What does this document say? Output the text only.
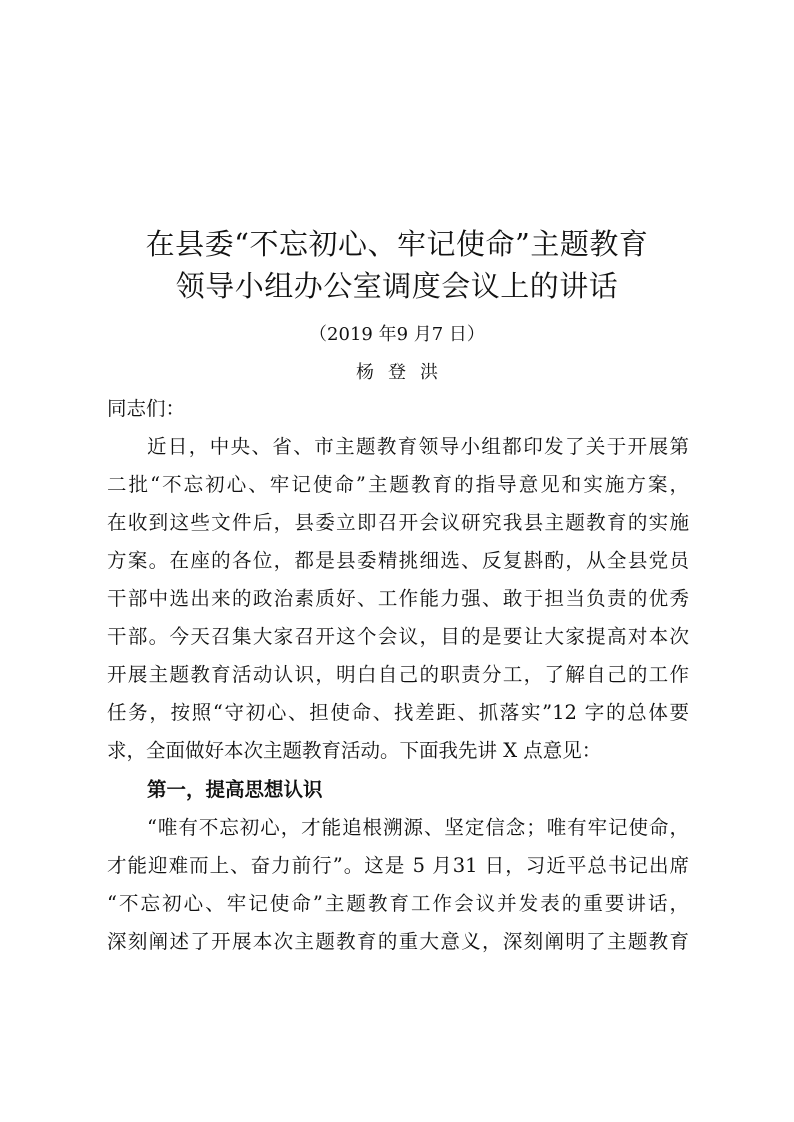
在县委“不忘初心、牢记使命”主题教育
领导小组办公室调度会议上的讲话
（2019 年9 月7 日）
杨登洪
同志们：
近日，中央、省、市主题教育领导小组都印发了关于开展第
二批“不忘初心、牢记使命”主题教育的指导意见和实施方案，
在收到这些文件后，县委立即召开会议研究我县主题教育的实施
方案。在座的各位，都是县委精挑细选、反复斟酌，从全县党员
干部中选出来的政治素质好、工作能力强、敢于担当负责的优秀
干部。今天召集大家召开这个会议，目的是要让大家提高对本次
开展主题教育活动认识，明白自己的职责分工，了解自己的工作
任务，按照“守初心、担使命、找差距、抓落实”12 字的总体要
求，全面做好本次主题教育活动。下面我先讲 X 点意见：
第一，提高思想认识
“唯有不忘初心，才能追根溯源、坚定信念；唯有牢记使命，
才能迎难而上、奋力前行”。这是 5 月31 日，习近平总书记出席
“不忘初心、牢记使命”主题教育工作会议并发表的重要讲话，
深刻阐述了开展本次主题教育的重大意义，深刻阐明了主题教育
